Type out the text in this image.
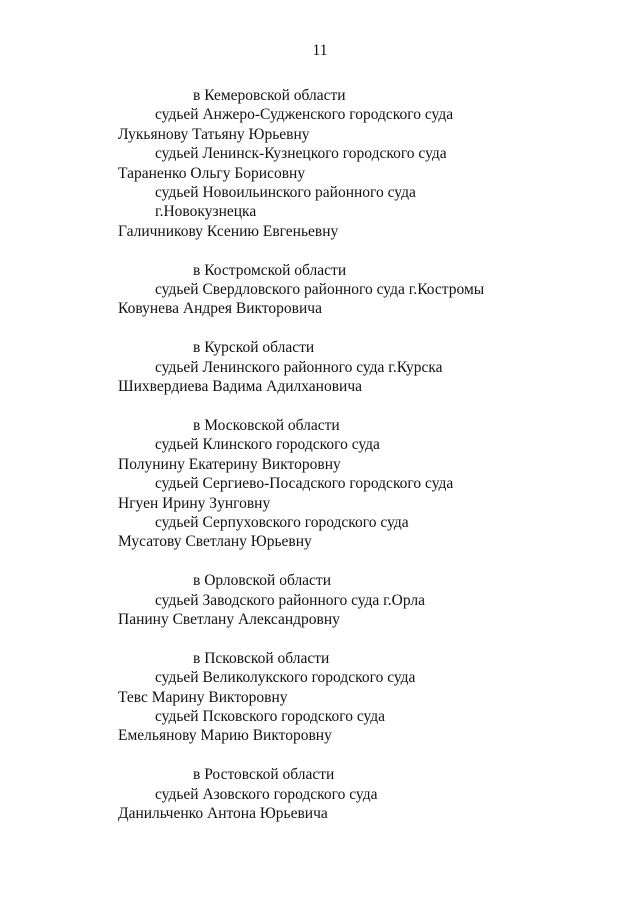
11
в Кемеровской области
судьей Анжеро-Судженского городского суда
Лукьянову Татьяну Юрьевну
судьей Ленинск-Кузнецкого городского суда
Тараненко Ольгу Борисовну
судьей Новоильинского районного суда
г.Новокузнецка
Галичникову Ксению Евгеньевну
в Костромской области
судьей Свердловского районного суда г.Костромы
Ковунева Андрея Викторовича
в Курской области
судьей Ленинского районного суда г.Курска
Шихвердиева Вадима Адилхановича
в Московской области
судьей Клинского городского суда
Полунину Екатерину Викторовну
судьей Сергиево-Посадского городского суда
Нгуен Ирину Зунговну
судьей Серпуховского городского суда
Мусатову Светлану Юрьевну
в Орловской области
судьей Заводского районного суда г.Орла
Панину Светлану Александровну
в Псковской области
судьей Великолукского городского суда
Тевс Марину Викторовну
судьей Псковского городского суда
Емельянову Марию Викторовну
в Ростовской области
судьей Азовского городского суда
Данильченко Антона Юрьевича
